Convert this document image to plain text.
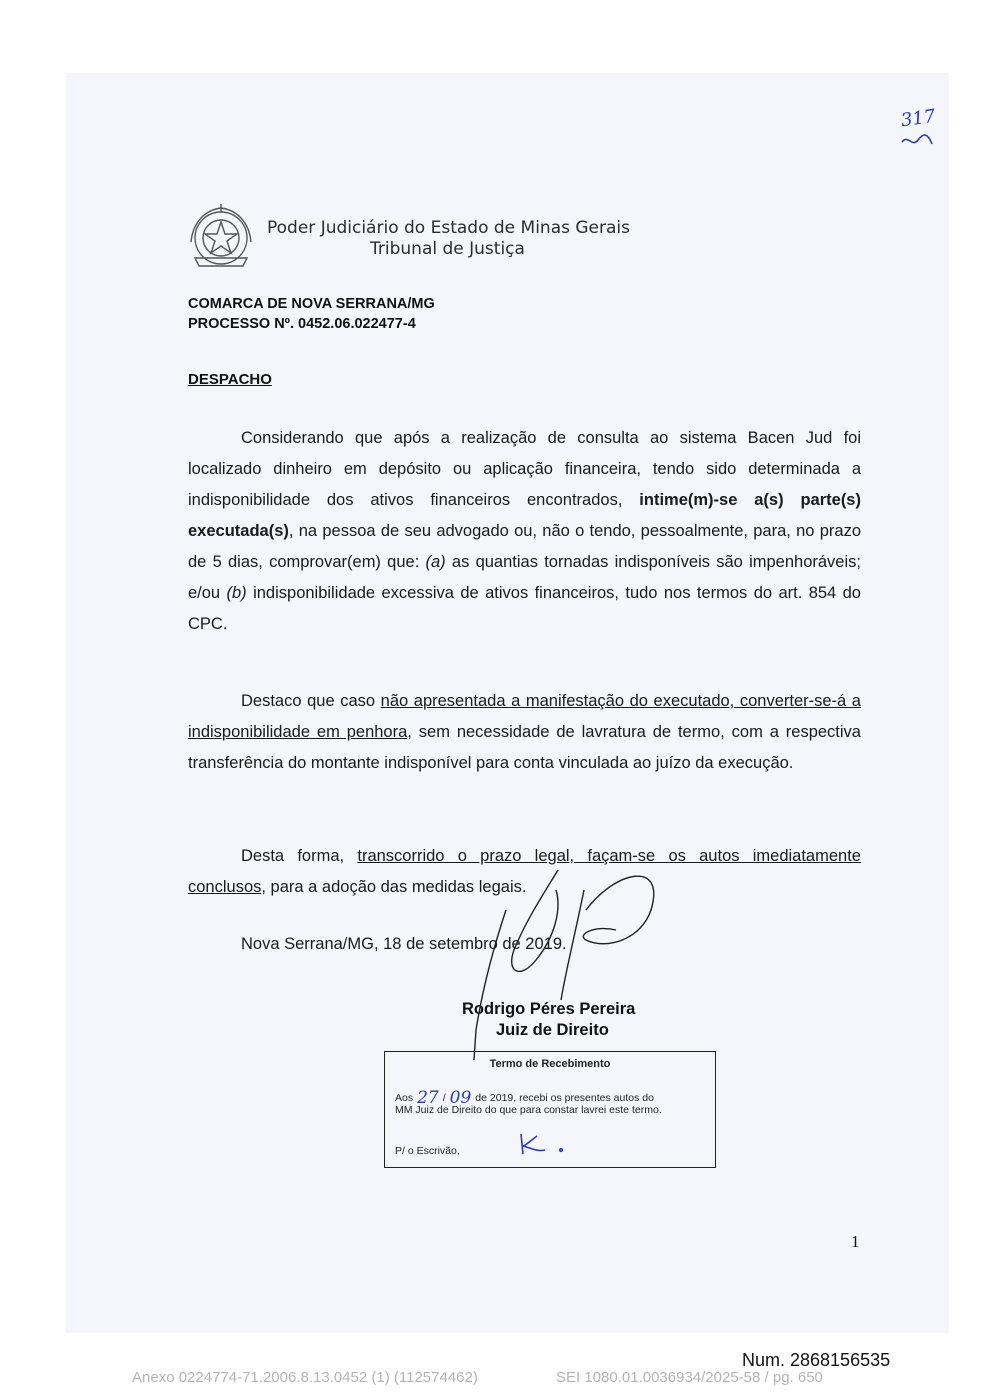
317
Poder Judiciário do Estado de Minas Gerais
Tribunal de Justiça
COMARCA DE NOVA SERRANA/MG
PROCESSO Nº. 0452.06.022477-4
DESPACHO
Considerando que após a realização de consulta ao sistema Bacen Jud foi localizado dinheiro em depósito ou aplicação financeira, tendo sido determinada a indisponibilidade dos ativos financeiros encontrados, intime(m)-se a(s) parte(s) executada(s), na pessoa de seu advogado ou, não o tendo, pessoalmente, para, no prazo de 5 dias, comprovar(em) que: (a) as quantias tornadas indisponíveis são impenhoráveis; e/ou (b) indisponibilidade excessiva de ativos financeiros, tudo nos termos do art. 854 do CPC.
Destaco que caso não apresentada a manifestação do executado, converter-se-á a indisponibilidade em penhora, sem necessidade de lavratura de termo, com a respectiva transferência do montante indisponível para conta vinculada ao juízo da execução.
Desta forma, transcorrido o prazo legal, façam-se os autos imediatamente conclusos, para a adoção das medidas legais.
Nova Serrana/MG, 18 de setembro de 2019.
Rodrigo Péres Pereira
Juiz de Direito
Termo de Recebimento
Aos 27 / 09 de 2019, recebi os presentes autos do
MM Juiz de Direito do que para constar lavrei este termo.
P/ o Escrivão,
1
Num. 2868156535
Anexo 0224774-71.2006.8.13.0452 (1) (112574462)	SEI 1080.01.0036934/2025-58 / pg. 650
